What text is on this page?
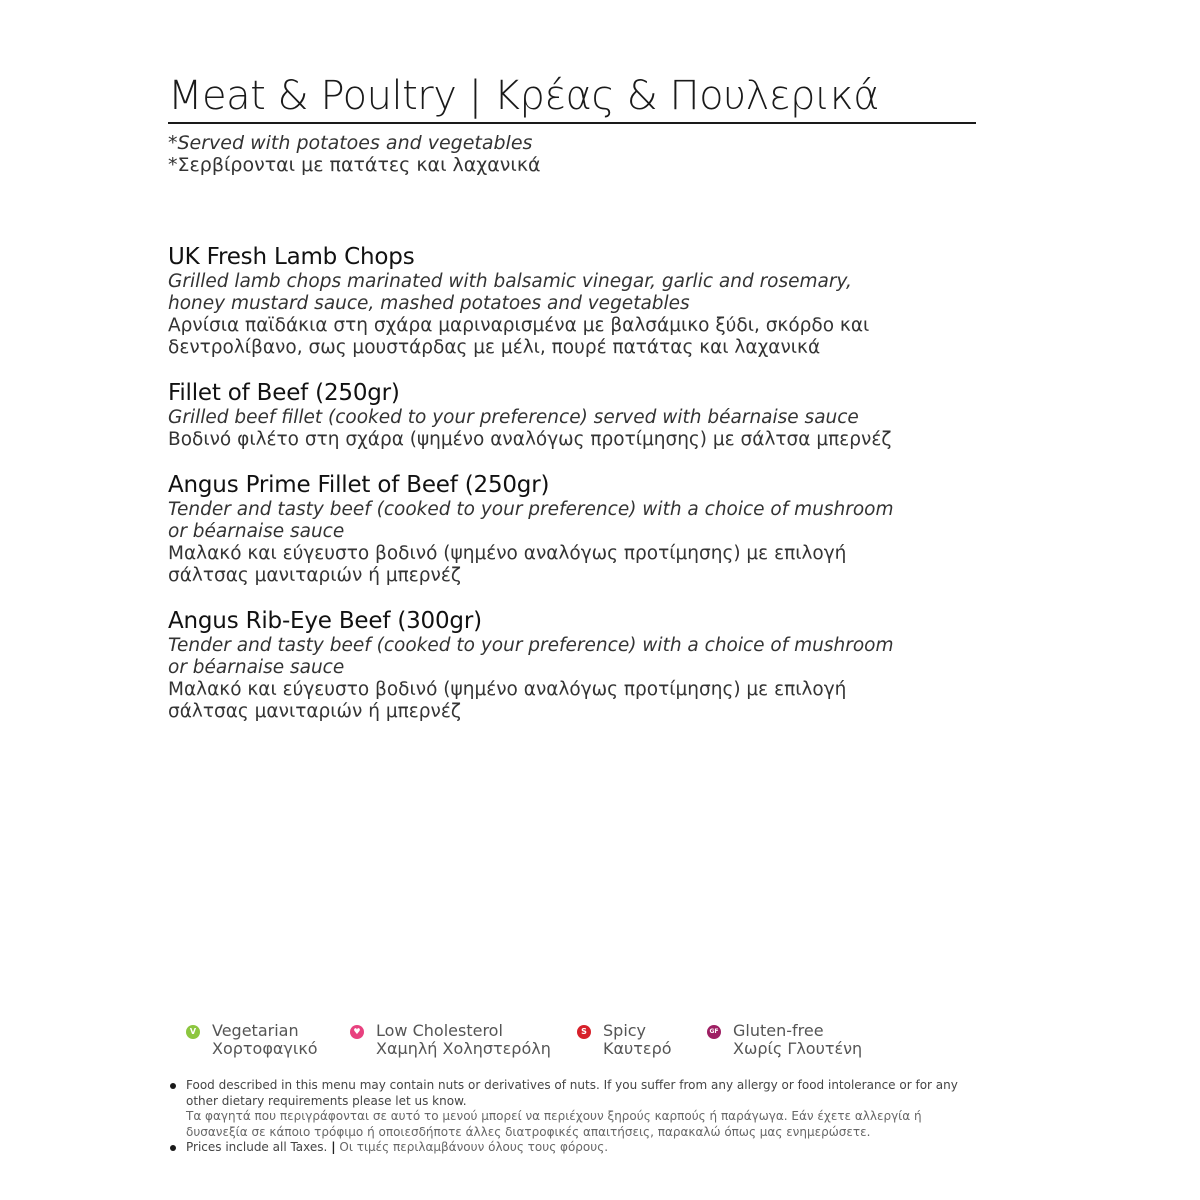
Meat & Poultry | Κρέας & Πουλερικά
*Served with potatoes and vegetables
*Σερβίρονται με πατάτες και λαχανικά
UK Fresh Lamb Chops
Grilled lamb chops marinated with balsamic vinegar, garlic and rosemary, honey mustard sauce, mashed potatoes and vegetables
Αρνίσια παϊδάκια στη σχάρα μαριναρισμένα με βαλσάμικο ξύδι, σκόρδο και δεντρολίβανο, σως μουστάρδας με μέλι, πουρέ πατάτας και λαχανικά
Fillet of Beef (250gr)
Grilled beef fillet (cooked to your preference) served with béarnaise sauce
Βοδινό φιλέτο στη σχάρα (ψημένο αναλόγως προτίμησης) με σάλτσα μπερνέζ
Angus Prime Fillet of Beef (250gr)
Tender and tasty beef (cooked to your preference) with a choice of mushroom or béarnaise sauce
Μαλακό και εύγευστο βοδινό (ψημένο αναλόγως προτίμησης) με επιλογή σάλτσας μανιταριών ή μπερνέζ
Angus Rib-Eye Beef (300gr)
Tender and tasty beef (cooked to your preference) with a choice of mushroom or béarnaise sauce
Μαλακό και εύγευστο βοδινό (ψημένο αναλόγως προτίμησης) με επιλογή σάλτσας μανιταριών ή μπερνέζ
V Vegetarian
Χορτοφαγικό
♥ Low Cholesterol
Χαμηλή Χοληστερόλη
S Spicy
Καυτερό
GF Gluten-free
Χωρίς Γλουτένη
Food described in this menu may contain nuts or derivatives of nuts. If you suffer from any allergy or food intolerance or for any other dietary requirements please let us know.
Τα φαγητά που περιγράφονται σε αυτό το μενού μπορεί να περιέχουν ξηρούς καρπούς ή παράγωγα. Εάν έχετε αλλεργία ή δυσανεξία σε κάποιο τρόφιμο ή οποιεσδήποτε άλλες διατροφικές απαιτήσεις, παρακαλώ όπως μας ενημερώσετε.
Prices include all Taxes. | Οι τιμές περιλαμβάνουν όλους τους φόρους.
